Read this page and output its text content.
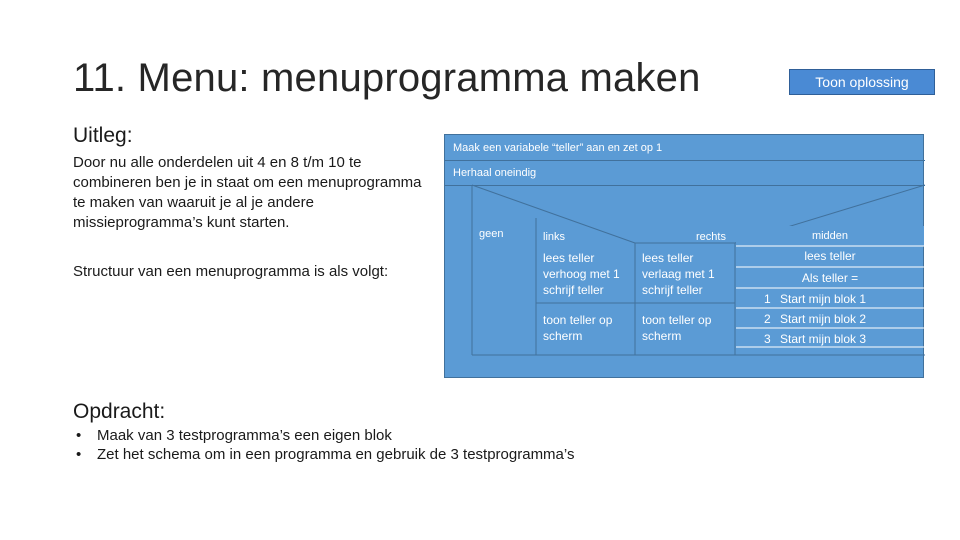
11. Menu: menuprogramma maken	Toon oplossing
Uitleg:
Door nu alle onderdelen uit 4 en 8 t/m 10 te combineren ben je in staat om een menuprogramma te maken van waaruit je al je andere missieprogramma’s kunt starten.
Structuur van een menuprogramma is als volgt:
Maak een variabele “teller” aan en zet op 1
Herhaal oneindig
geen	links	rechts
lees teller verhoog met 1 schrijf teller
toon teller op scherm
lees teller verlaag met 1 schrijf teller
toon teller op scherm
midden
lees teller
Als teller =
1 Start mijn blok 1
2 Start mijn blok 2
3 Start mijn blok 3
Opdracht:
• Maak van 3 testprogramma’s een eigen blok
• Zet het schema om in een programma en gebruik de 3 testprogramma’s
